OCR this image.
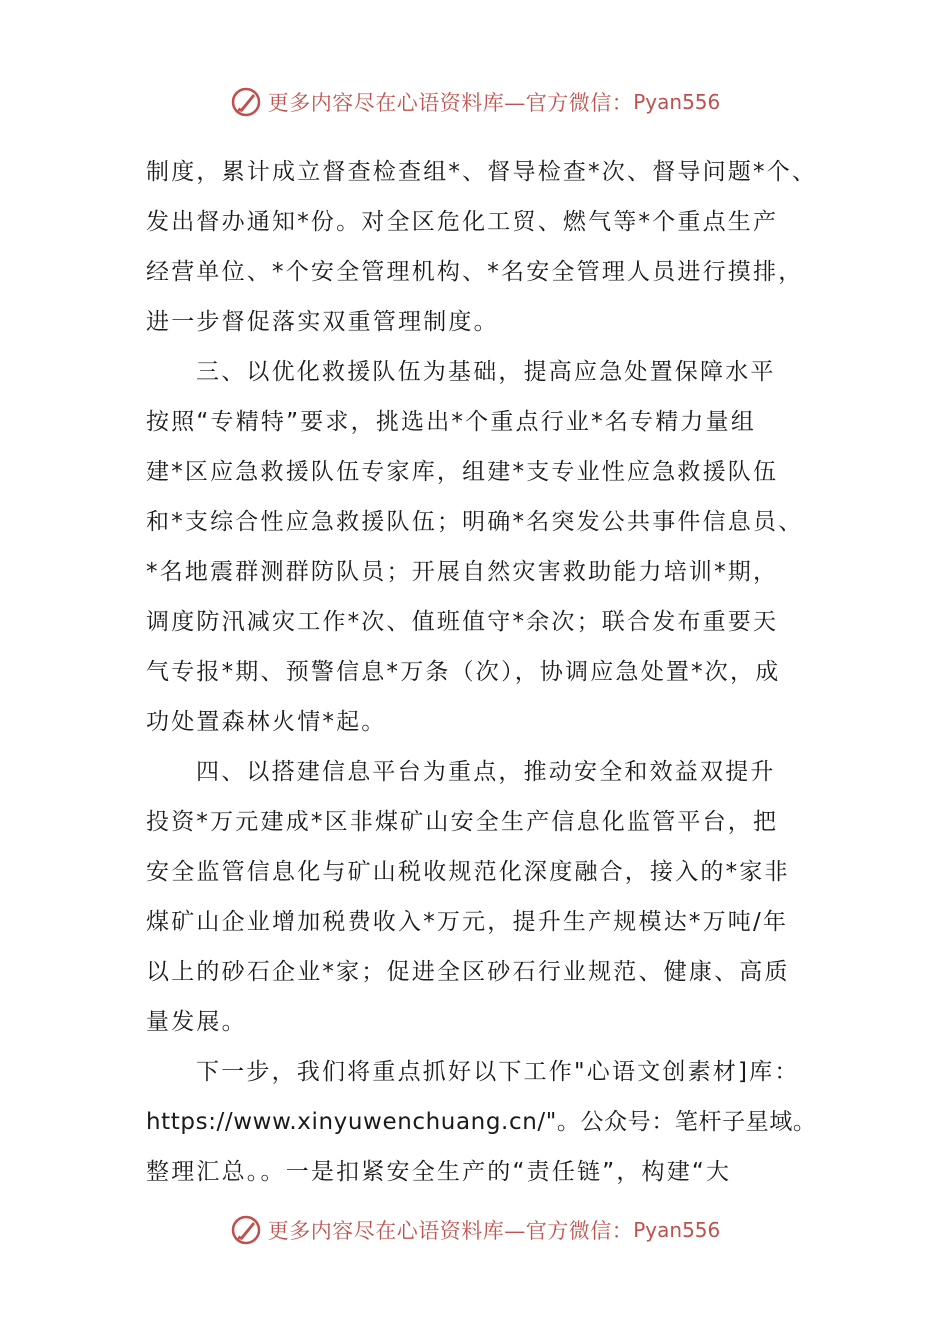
更多内容尽在心语资料库—官方微信： Pyan556
制度，累计成立督查检查组*、督导检查*次、督导问题*个、
发出督办通知*份。对全区危化工贸、燃气等*个重点生产
经营单位、*个安全管理机构、*名安全管理人员进行摸排，
进一步督促落实双重管理制度。
三、以优化救援队伍为基础，提高应急处置保障水平
按照“专精特”要求，挑选出*个重点行业*名专精力量组
建*区应急救援队伍专家库，组建*支专业性应急救援队伍
和*支综合性应急救援队伍；明确*名突发公共事件信息员、
*名地震群测群防队员；开展自然灾害救助能力培训*期，
调度防汛减灾工作*次、值班值守*余次；联合发布重要天
气专报*期、预警信息*万条（次），协调应急处置*次，成
功处置森林火情*起。
四、以搭建信息平台为重点，推动安全和效益双提升
投资*万元建成*区非煤矿山安全生产信息化监管平台，把
安全监管信息化与矿山税收规范化深度融合，接入的*家非
煤矿山企业增加税费收入*万元，提升生产规模达*万吨/年
以上的砂石企业*家；促进全区砂石行业规范、健康、高质
量发展。
下一步，我们将重点抓好以下工作"心语文创素材]库：
https://www.xinyuwenchuang.cn/"。公众号：笔杆子星域。
整理汇总。。一是扣紧安全生产的“责任链”，构建“大
更多内容尽在心语资料库—官方微信： Pyan556
